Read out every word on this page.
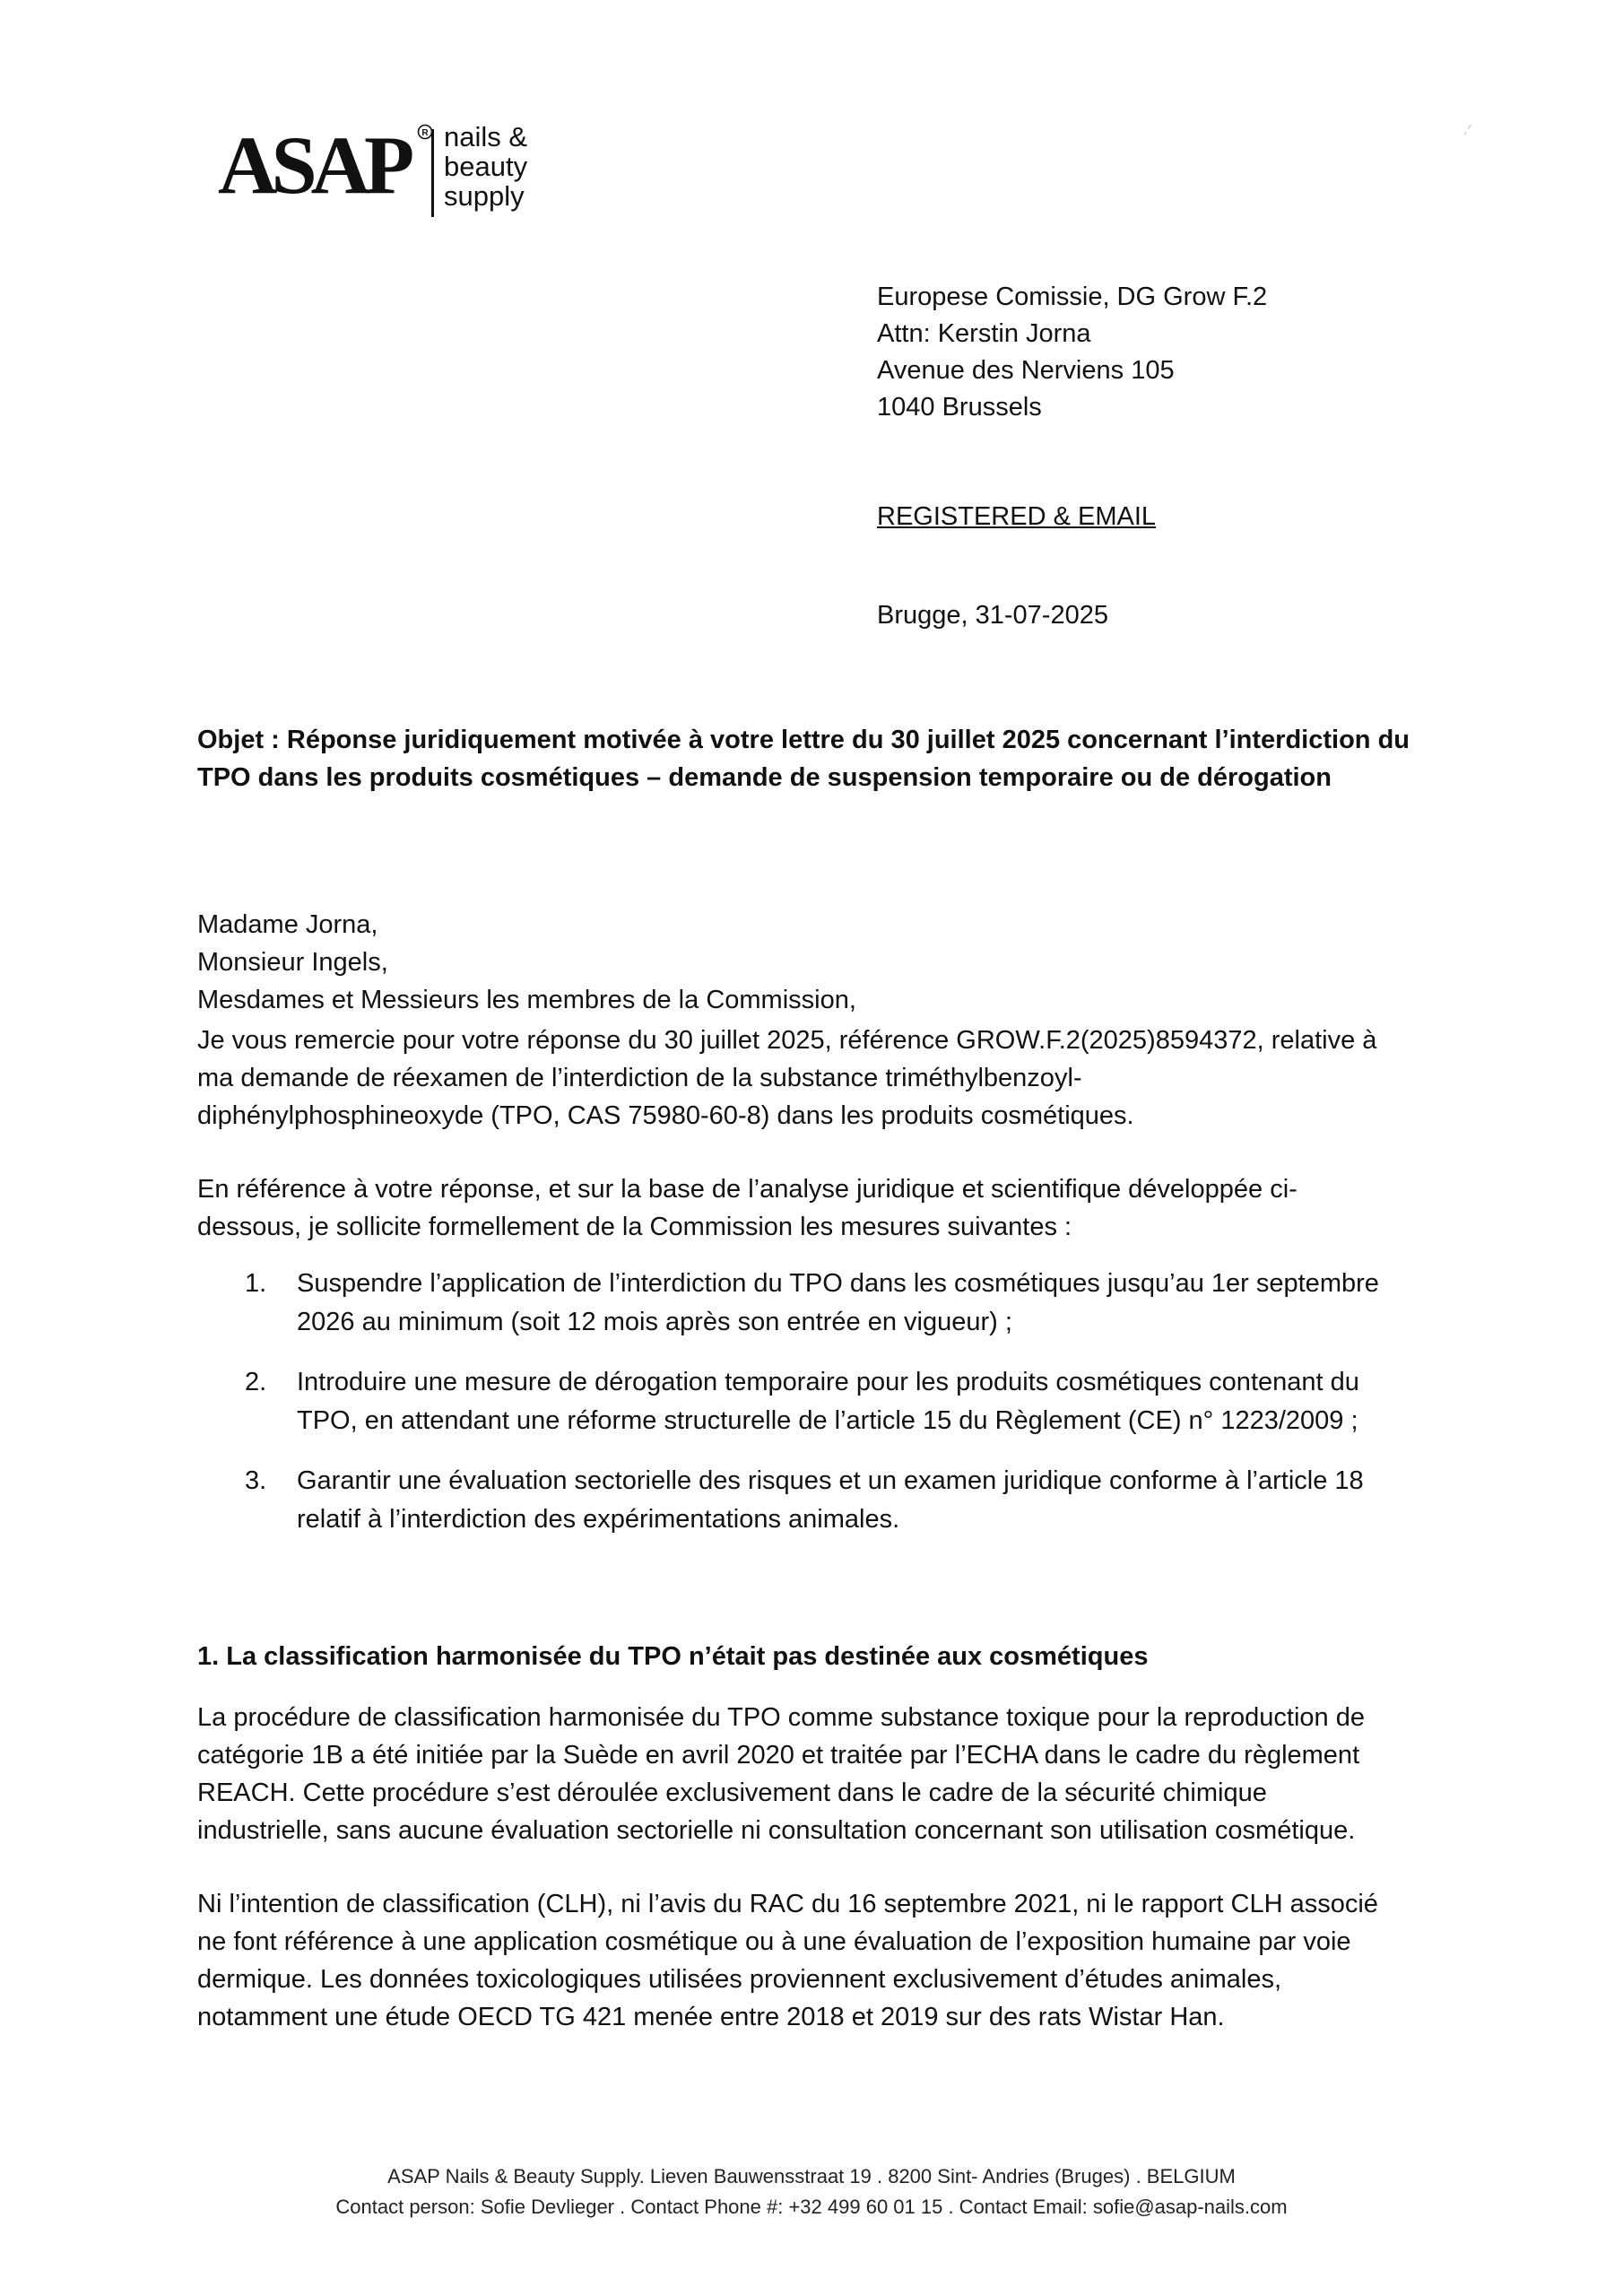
ASAP R nails &
beauty
supply
,ᐟ
Europese Comissie, DG Grow F.2
Attn: Kerstin Jorna
Avenue des Nerviens 105
1040 Brussels
REGISTERED & EMAIL
Brugge, 31-07-2025
Objet : Réponse juridiquement motivée à votre lettre du 30 juillet 2025 concernant l’interdiction du
TPO dans les produits cosmétiques – demande de suspension temporaire ou de dérogation
Madame Jorna,
Monsieur Ingels,
Mesdames et Messieurs les membres de la Commission,
Je vous remercie pour votre réponse du 30 juillet 2025, référence GROW.F.2(2025)8594372, relative à
ma demande de réexamen de l’interdiction de la substance triméthylbenzoyl-
diphénylphosphineoxyde (TPO, CAS 75980-60-8) dans les produits cosmétiques.
En référence à votre réponse, et sur la base de l’analyse juridique et scientifique développée ci-
dessous, je sollicite formellement de la Commission les mesures suivantes :
1. Suspendre l’application de l’interdiction du TPO dans les cosmétiques jusqu’au 1er septembre
2026 au minimum (soit 12 mois après son entrée en vigueur) ;
2. Introduire une mesure de dérogation temporaire pour les produits cosmétiques contenant du
TPO, en attendant une réforme structurelle de l’article 15 du Règlement (CE) n° 1223/2009 ;
3. Garantir une évaluation sectorielle des risques et un examen juridique conforme à l’article 18
relatif à l’interdiction des expérimentations animales.
1. La classification harmonisée du TPO n’était pas destinée aux cosmétiques
La procédure de classification harmonisée du TPO comme substance toxique pour la reproduction de
catégorie 1B a été initiée par la Suède en avril 2020 et traitée par l’ECHA dans le cadre du règlement
REACH. Cette procédure s’est déroulée exclusivement dans le cadre de la sécurité chimique
industrielle, sans aucune évaluation sectorielle ni consultation concernant son utilisation cosmétique.
Ni l’intention de classification (CLH), ni l’avis du RAC du 16 septembre 2021, ni le rapport CLH associé
ne font référence à une application cosmétique ou à une évaluation de l’exposition humaine par voie
dermique. Les données toxicologiques utilisées proviennent exclusivement d’études animales,
notamment une étude OECD TG 421 menée entre 2018 et 2019 sur des rats Wistar Han.
ASAP Nails & Beauty Supply. Lieven Bauwensstraat 19 . 8200 Sint- Andries (Bruges) . BELGIUM
Contact person: Sofie Devlieger . Contact Phone #: +32 499 60 01 15 . Contact Email: sofie@asap-nails.com
